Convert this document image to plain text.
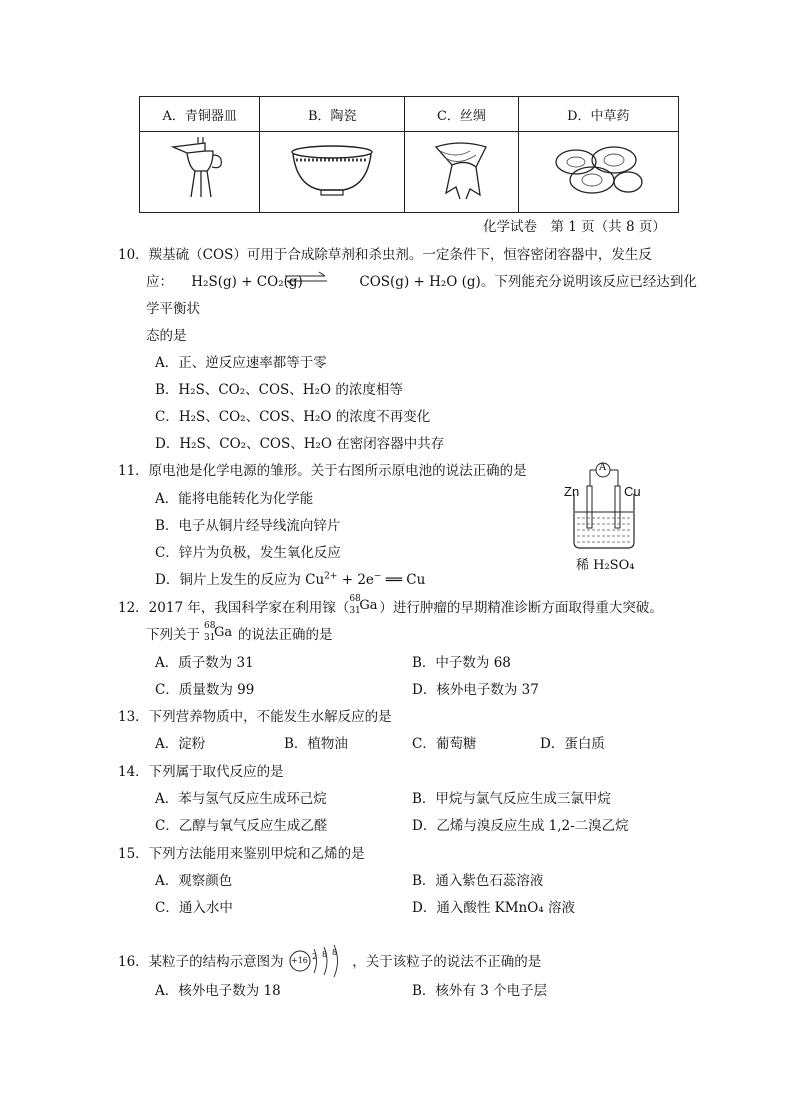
A．青铜器皿	B．陶瓷	C．丝绸	D．中草药

化学试卷　第 1 页（共 8 页）
10．羰基硫（COS）可用于合成除草剂和杀虫剂。一定条件下，恒容密闭容器中，发生反
应： H₂S(g) + CO₂(g)	COS(g) + H₂O (g)。下列能充分说明该反应已经达到化
学平衡状
态的是
A．正、逆反应速率都等于零
B．H₂S、CO₂、COS、H₂O 的浓度相等
C．H₂S、CO₂、COS、H₂O 的浓度不再变化
D．H₂S、CO₂、COS、H₂O 在密闭容器中共存
11．原电池是化学电源的雏形。关于右图所示原电池的说法正确的是
A．能将电能转化为化学能
B．电子从铜片经导线流向锌片
C．锌片为负极，发生氧化反应
D．铜片上发生的反应为 $Cu^{2+} + 2e^-$ ══ Cu
A
Zn	Cu
稀 H₂SO₄
12．2017 年，我国科学家在利用镓（
68
31
Ga ）进行肿瘤的早期精准诊断方面取得重大突破。
下列关于
68
31
Ga 的说法正确的是
A．质子数为 31	B．中子数为 68
C．质量数为 99	D．核外电子数为 37
13．下列营养物质中，不能发生水解反应的是
A．淀粉	B．植物油	C．葡萄糖	D．蛋白质
14．下列属于取代反应的是
A．苯与氢气反应生成环己烷	B．甲烷与氯气反应生成三氯甲烷
C．乙醇与氧气反应生成乙醛	D．乙烯与溴反应生成 1,2-二溴乙烷
15．下列方法能用来鉴别甲烷和乙烯的是
A．观察颜色	B．通入紫色石蕊溶液
C．通入水中	D．通入酸性 KMnO₄ 溶液
16．某粒子的结构示意图为 +16 2 8 8
，关于该粒子的说法不正确的是
A．核外电子数为 18	B．核外有 3 个电子层
